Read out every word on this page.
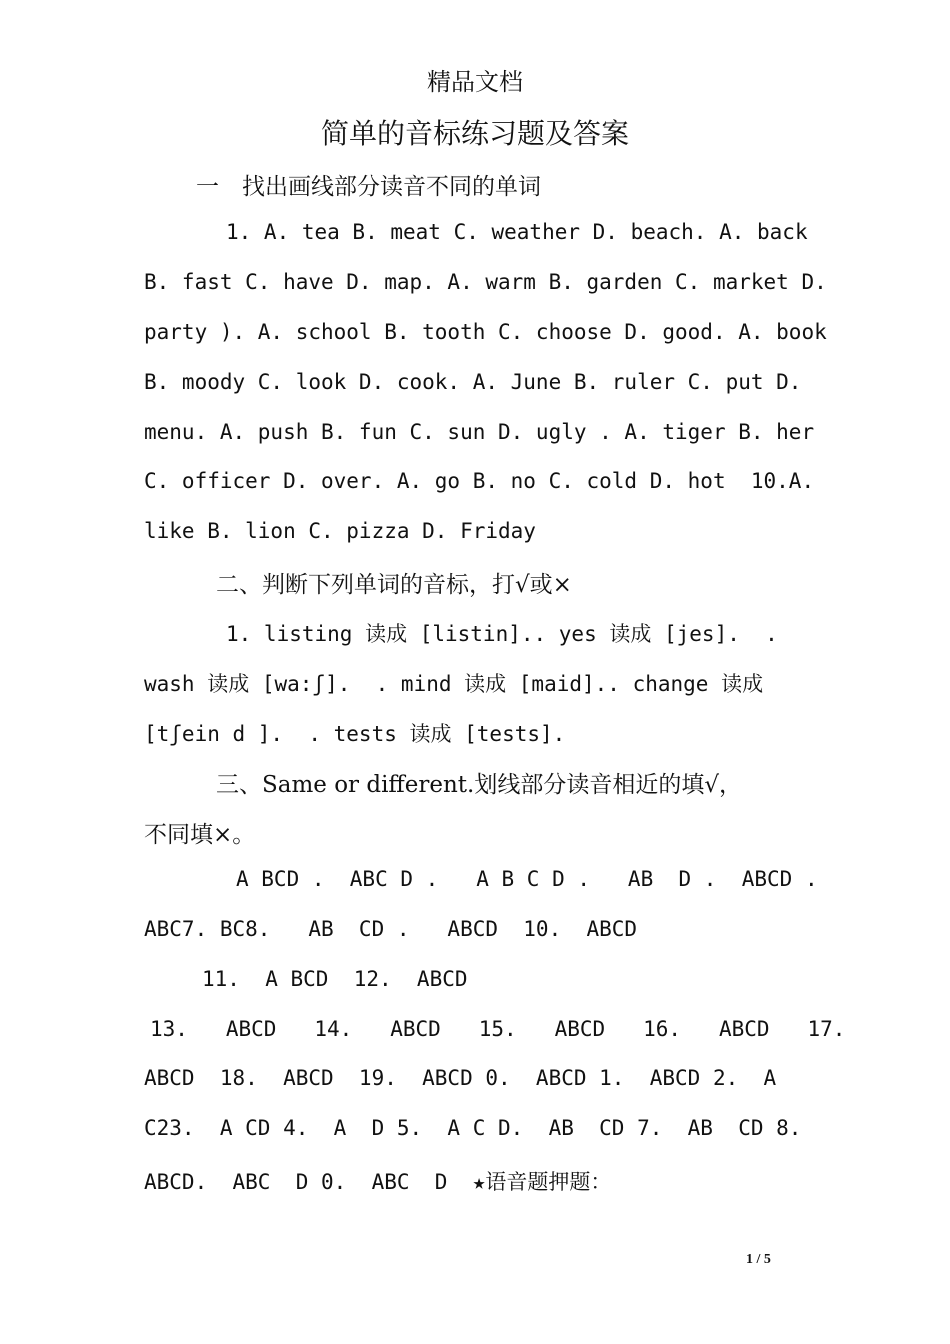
精品文档
简单的音标练习题及答案
一　找出画线部分读音不同的单词
1. A. tea B. meat C. weather D. beach. A. back
B. fast C. have D. map. A. warm B. garden C. market D.
party ). A. school B. tooth C. choose D. good. A. book
B. moody C. look D. cook. A. June B. ruler C. put D.
menu. A. push B. fun C. sun D. ugly . A. tiger B. her
C. officer D. over. A. go B. no C. cold D. hot  10.A.
like B. lion C. pizza D. Friday
二、判断下列单词的音标，打√或×
1. listing 读成 [listin].. yes 读成 [jes].  .
wash 读成 [wa:ʃ].  . mind 读成 [maid].. change 读成
[tʃein d ].  . tests 读成 [tests].
三、Same or different.划线部分读音相近的填√，
不同填×。
A BCD .  ABC D .   A B C D .   AB  D .  ABCD .
ABC7. BC8.   AB  CD .   ABCD  10.  ABCD
11.  A BCD  12.  ABCD
13.   ABCD   14.   ABCD   15.   ABCD   16.   ABCD   17.
ABCD  18.  ABCD  19.  ABCD 0.  ABCD 1.  ABCD 2.  A
C23.  A CD 4.  A  D 5.  A C D.  AB  CD 7.  AB  CD 8.
ABCD.  ABC  D 0.  ABC  D  ★语音题押题：
1 / 5
